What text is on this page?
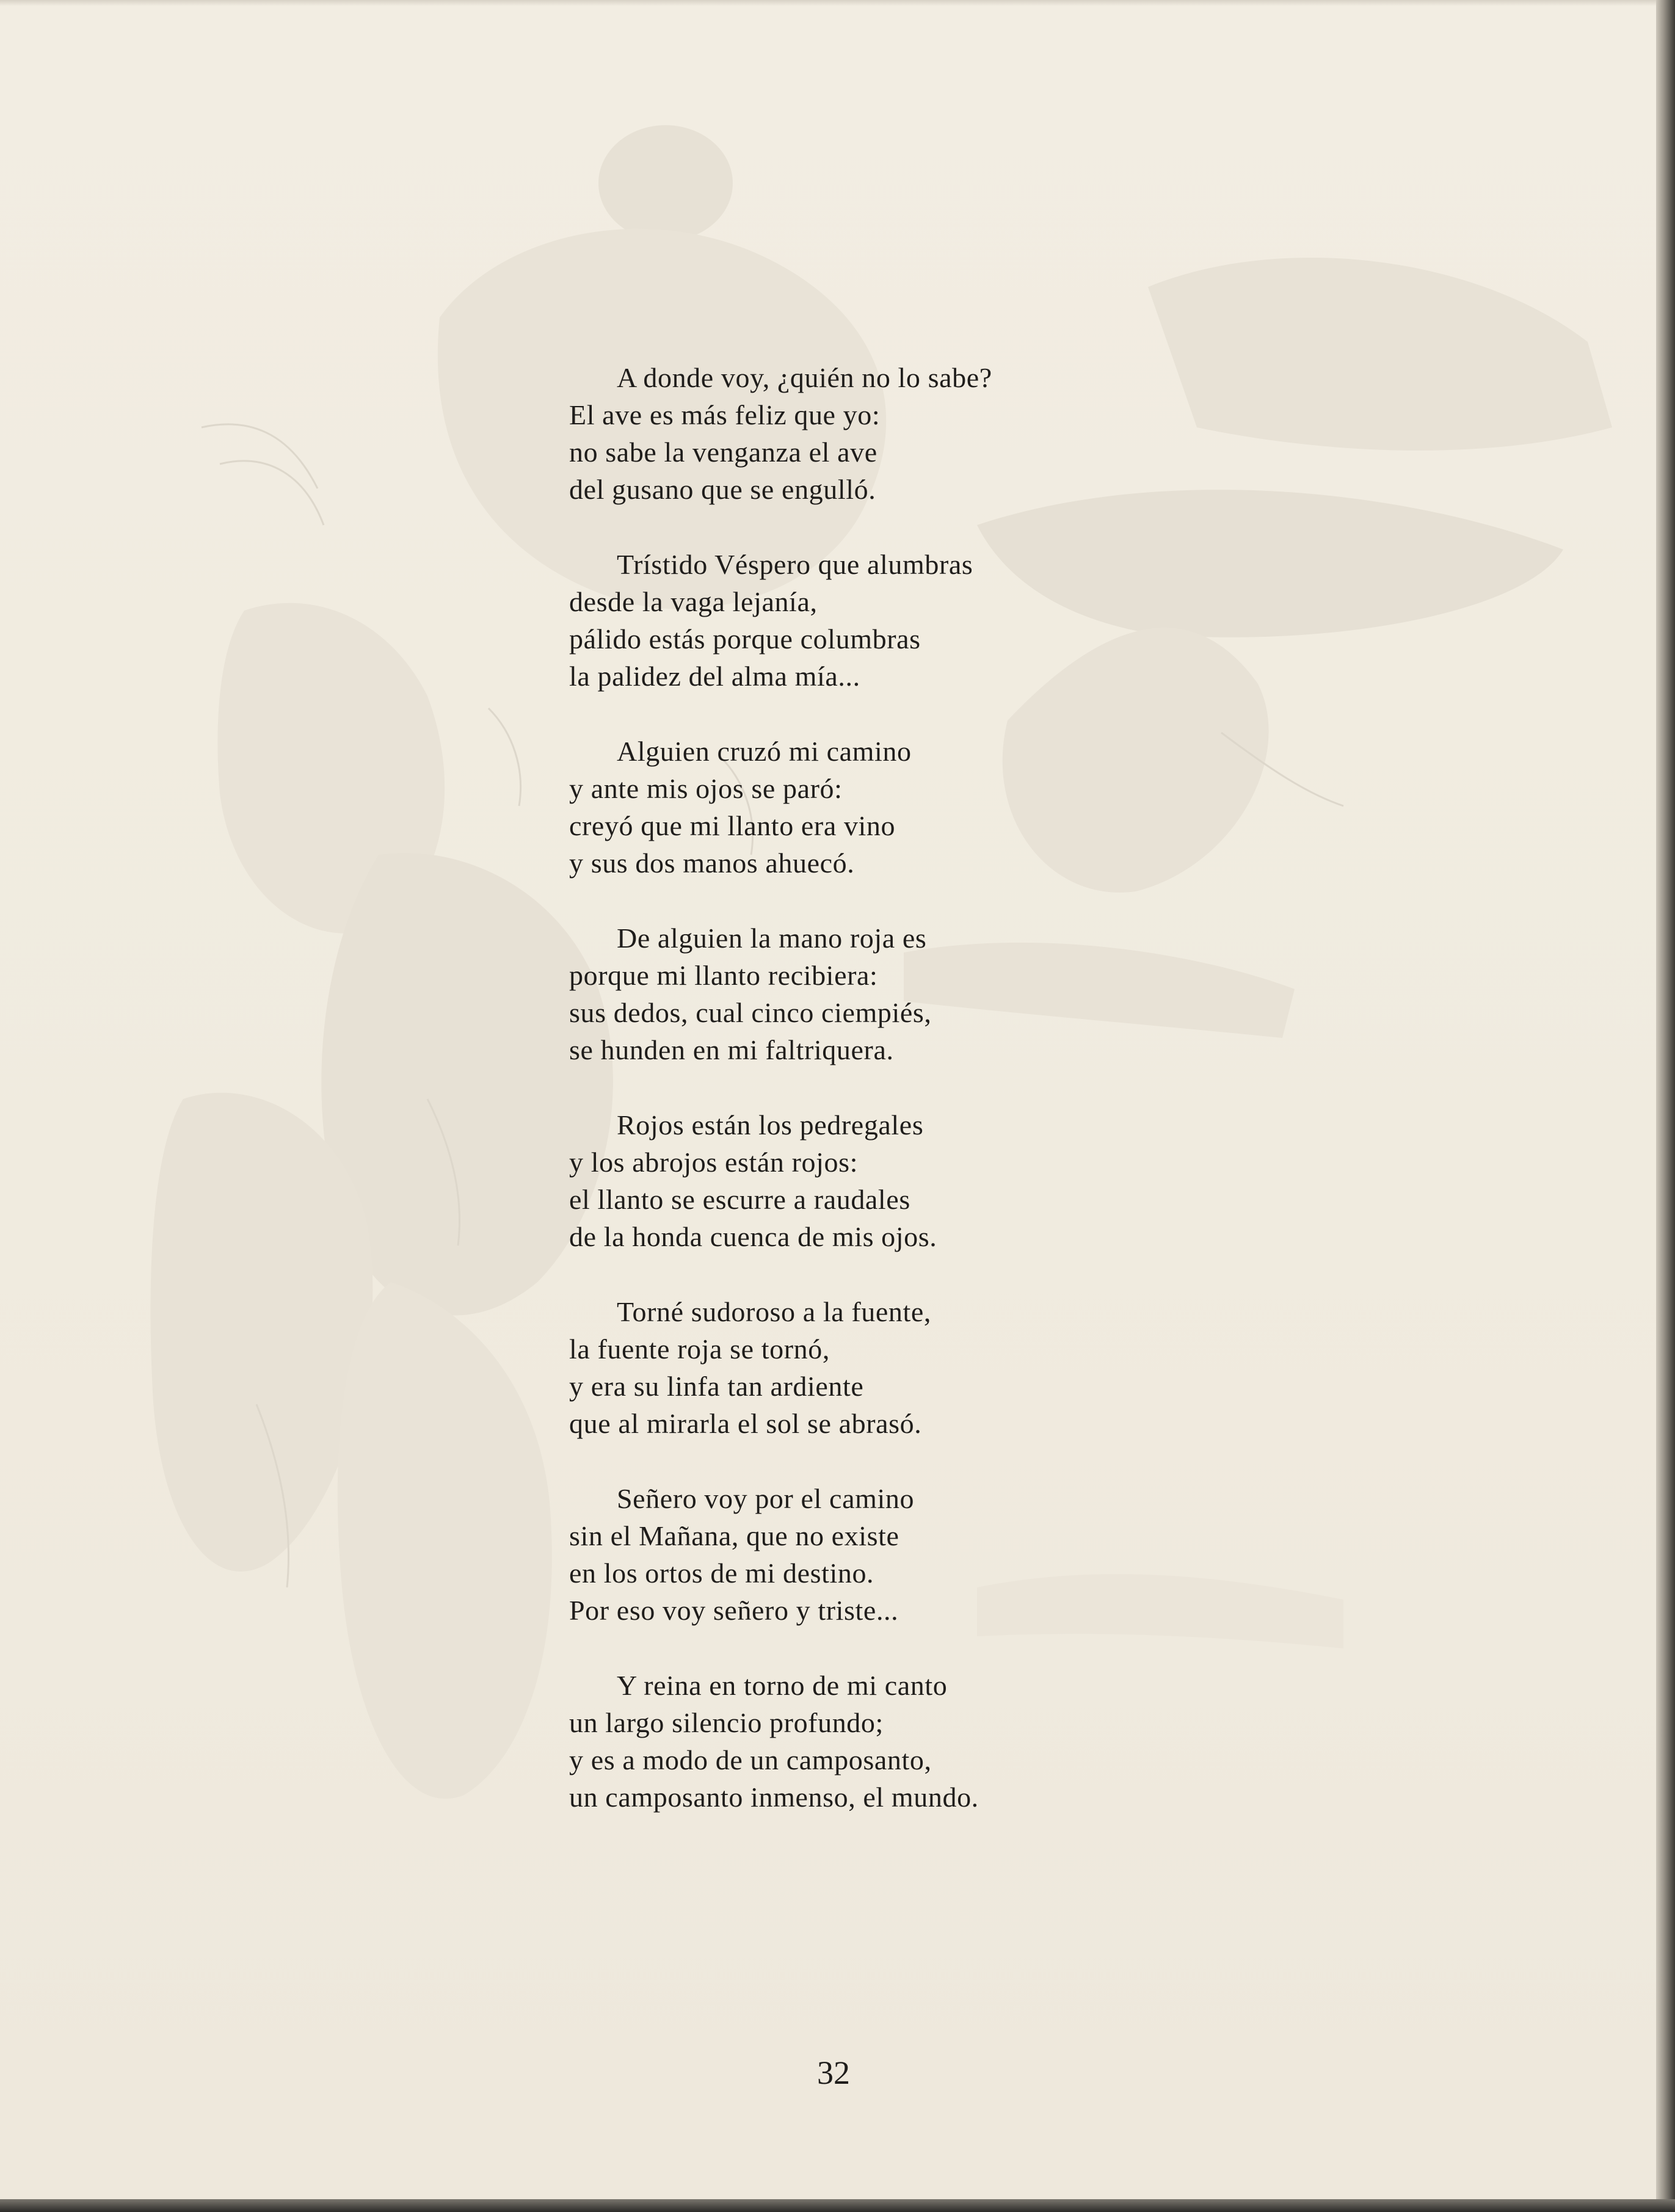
A donde voy, ¿quién no lo sabe?
El ave es más feliz que yo:
no sabe la venganza el ave
del gusano que se engulló.
Trístido Véspero que alumbras
desde la vaga lejanía,
pálido estás porque columbras
la palidez del alma mía...
Alguien cruzó mi camino
y ante mis ojos se paró:
creyó que mi llanto era vino
y sus dos manos ahuecó.
De alguien la mano roja es
porque mi llanto recibiera:
sus dedos, cual cinco ciempiés,
se hunden en mi faltriquera.
Rojos están los pedregales
y los abrojos están rojos:
el llanto se escurre a raudales
de la honda cuenca de mis ojos.
Torné sudoroso a la fuente,
la fuente roja se tornó,
y era su linfa tan ardiente
que al mirarla el sol se abrasó.
Señero voy por el camino
sin el Mañana, que no existe
en los ortos de mi destino.
Por eso voy señero y triste...
Y reina en torno de mi canto
un largo silencio profundo;
y es a modo de un camposanto,
un camposanto inmenso, el mundo.
32
